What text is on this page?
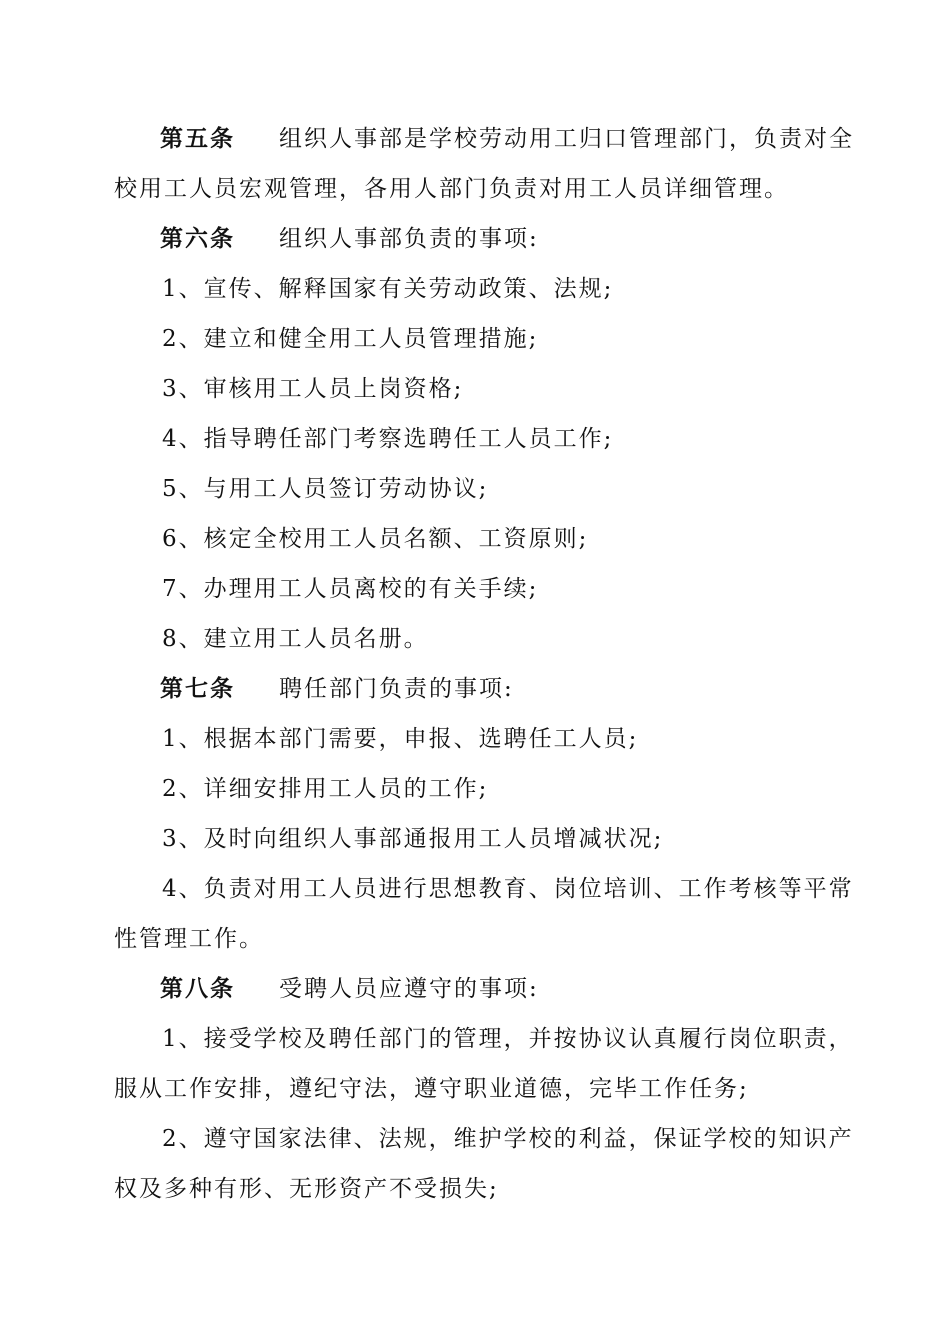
第五条 组织人事部是学校劳动用工归口管理部门，负责对全
校用工人员宏观管理，各用人部门负责对用工人员详细管理。
第六条 组织人事部负责的事项:
1、宣传、解释国家有关劳动政策、法规;
2、建立和健全用工人员管理措施;
3、审核用工人员上岗资格;
4、指导聘任部门考察选聘任工人员工作;
5、与用工人员签订劳动协议;
6、核定全校用工人员名额、工资原则;
7、办理用工人员离校的有关手续;
8、建立用工人员名册。
第七条 聘任部门负责的事项:
1、根据本部门需要，申报、选聘任工人员;
2、详细安排用工人员的工作;
3、及时向组织人事部通报用工人员增减状况;
4、负责对用工人员进行思想教育、岗位培训、工作考核等平常
性管理工作。
第八条 受聘人员应遵守的事项:
1、接受学校及聘任部门的管理，并按协议认真履行岗位职责，
服从工作安排，遵纪守法，遵守职业道德，完毕工作任务;
2、遵守国家法律、法规，维护学校的利益，保证学校的知识产
权及多种有形、无形资产不受损失;
